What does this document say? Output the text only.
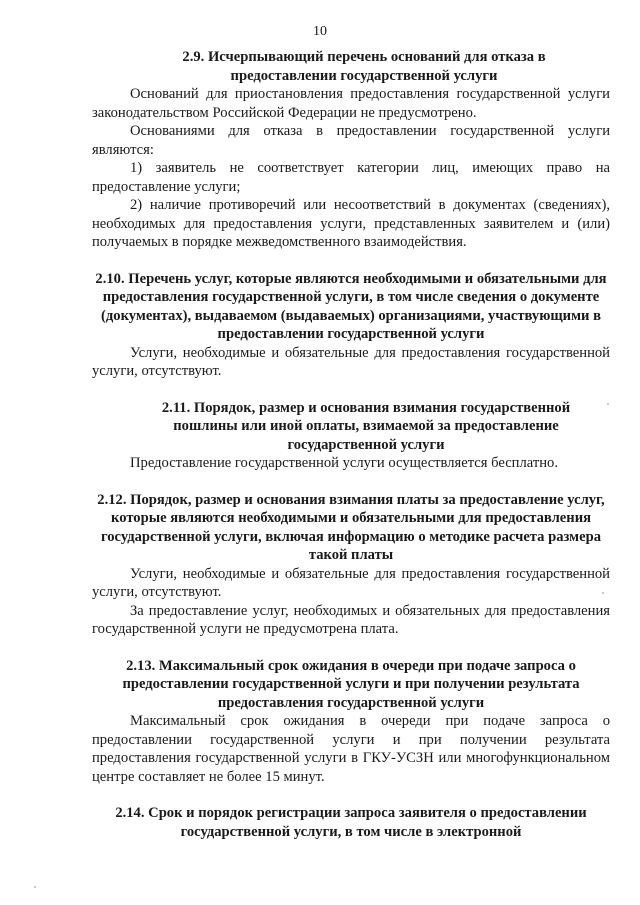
10
2.9. Исчерпывающий перечень оснований для отказа в предоставлении государственной услуги

Оснований для приостановления предоставления государственной услуги законодательством Российской Федерации не предусмотрено.

Основаниями для отказа в предоставлении государственной услуги являются:

1) заявитель не соответствует категории лиц, имеющих право на предоставление услуги;

2) наличие противоречий или несоответствий в документах (сведениях), необходимых для предоставления услуги, представленных заявителем и (или) получаемых в порядке межведомственного взаимодействия.

2.10. Перечень услуг, которые являются необходимыми и обязательными для предоставления государственной услуги, в том числе сведения о документе (документах), выдаваемом (выдаваемых) организациями, участвующими в предоставлении государственной услуги

Услуги, необходимые и обязательные для предоставления государственной услуги, отсутствуют.

2.11. Порядок, размер и основания взимания государственной пошлины или иной оплаты, взимаемой за предоставление государственной услуги

Предоставление государственной услуги осуществляется бесплатно.

2.12. Порядок, размер и основания взимания платы за предоставление услуг, которые являются необходимыми и обязательными для предоставления государственной услуги, включая информацию о методике расчета размера такой платы

Услуги, необходимые и обязательные для предоставления государственной услуги, отсутствуют.

За предоставление услуг, необходимых и обязательных для предоставления государственной услуги не предусмотрена плата.

2.13. Максимальный срок ожидания в очереди при подаче запроса о предоставлении государственной услуги и при получении результата предоставления государственной услуги

Максимальный срок ожидания в очереди при подаче запроса о предоставлении государственной услуги и при получении результата предоставления государственной услуги в ГКУ-УСЗН или многофункциональном центре составляет не более 15 минут.

2.14. Срок и порядок регистрации запроса заявителя о предоставлении государственной услуги, в том числе в электронной
